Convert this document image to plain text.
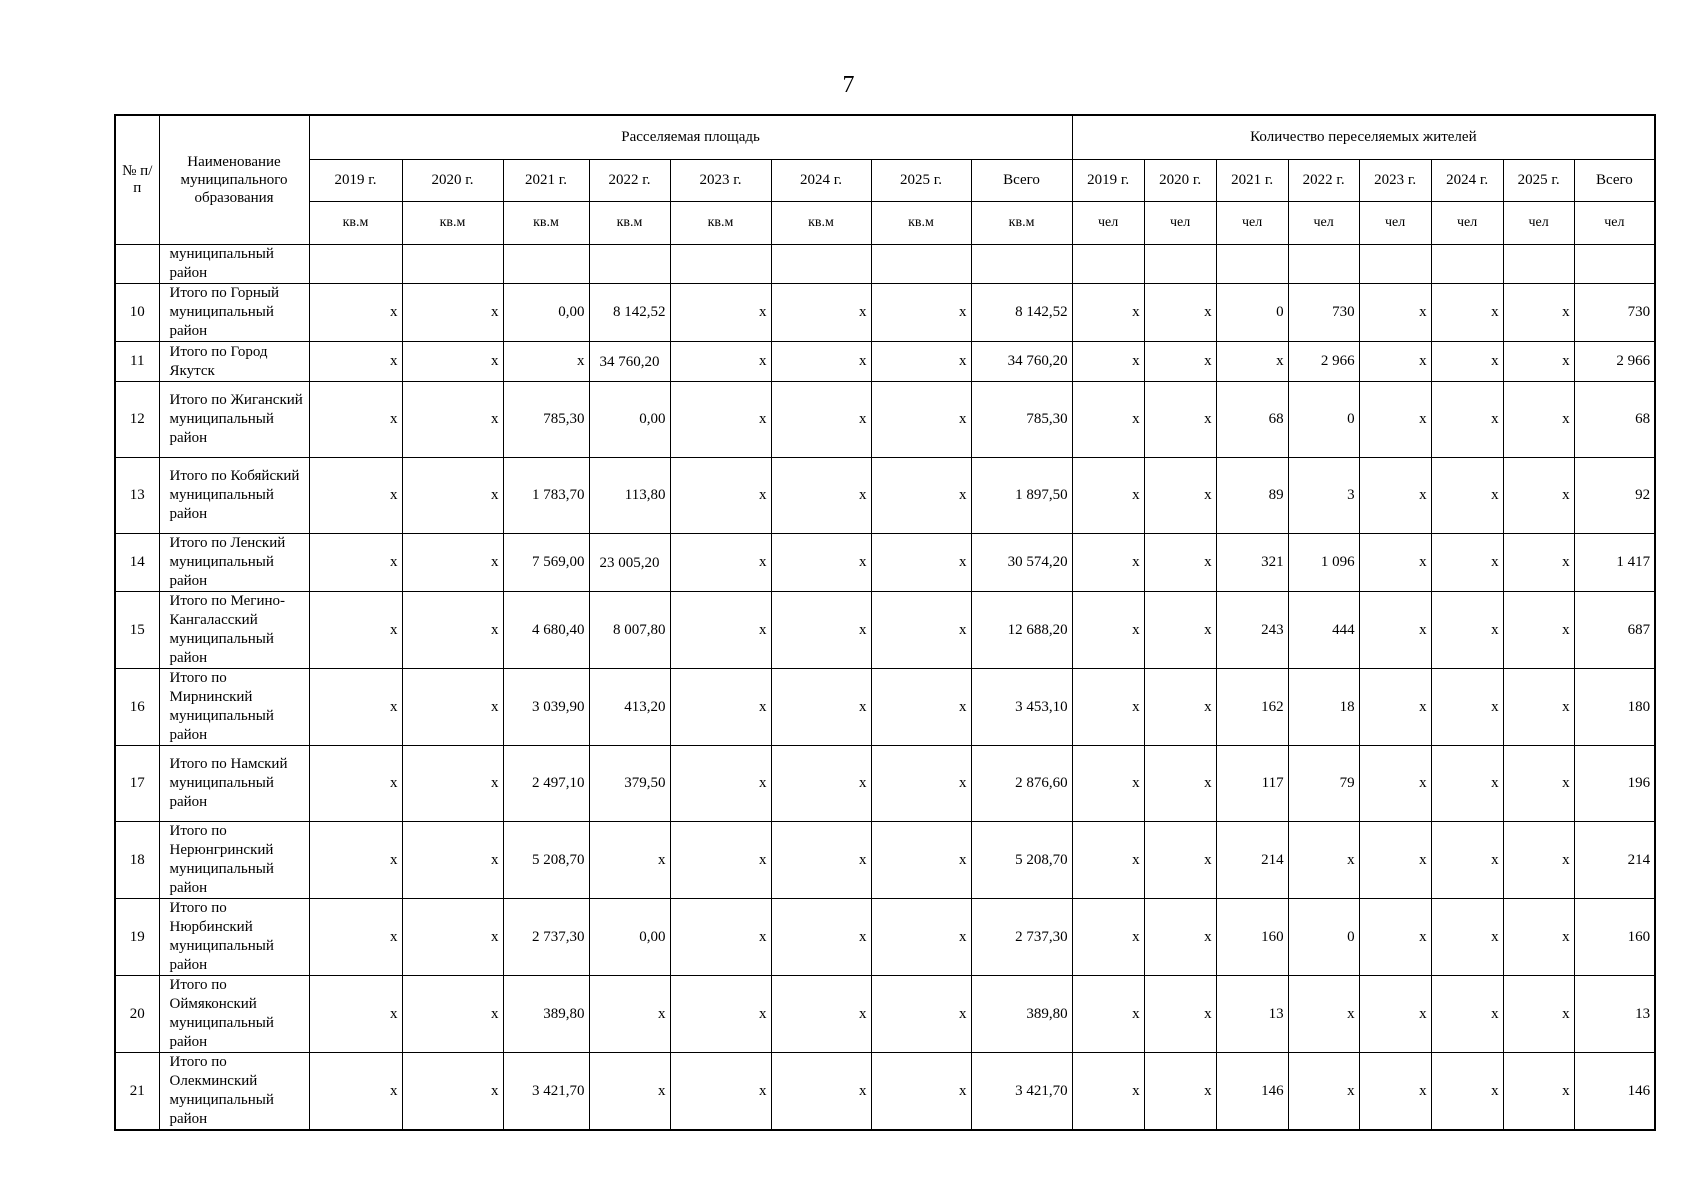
7
№ п/п	Наименование муниципального образования	Расселяемая площадь								Количество переселяемых жителей							
		2019 г.	2020 г.	2021 г.	2022 г.	2023 г.	2024 г.	2025 г.	Всего	2019 г.	2020 г.	2021 г.	2022 г.	2023 г.	2024 г.	2025 г.	Всего
		кв.м	кв.м	кв.м	кв.м	кв.м	кв.м	кв.м	кв.м	чел	чел	чел	чел	чел	чел	чел	чел
	муниципальный район																
10	Итого по Горный муниципальный район	x	x	0,00	8 142,52	x	x	x	8 142,52	x	x	0	730	x	x	x	730
11	Итого по Город Якутск	x	x	x	34 760,20	x	x	x	34 760,20	x	x	x	2 966	x	x	x	2 966
12	Итого по Жиганский муниципальный район	x	x	785,30	0,00	x	x	x	785,30	x	x	68	0	x	x	x	68
13	Итого по Кобяйский муниципальный район	x	x	1 783,70	113,80	x	x	x	1 897,50	x	x	89	3	x	x	x	92
14	Итого по Ленский муниципальный район	x	x	7 569,00	23 005,20	x	x	x	30 574,20	x	x	321	1 096	x	x	x	1 417
15	Итого по Мегино-Кангаласский муниципальный район	x	x	4 680,40	8 007,80	x	x	x	12 688,20	x	x	243	444	x	x	x	687
16	Итого по Мирнинский муниципальный район	x	x	3 039,90	413,20	x	x	x	3 453,10	x	x	162	18	x	x	x	180
17	Итого по Намский муниципальный район	x	x	2 497,10	379,50	x	x	x	2 876,60	x	x	117	79	x	x	x	196
18	Итого по Нерюнгринский муниципальный район	x	x	5 208,70	x	x	x	x	5 208,70	x	x	214	x	x	x	x	214
19	Итого по Нюрбинский муниципальный район	x	x	2 737,30	0,00	x	x	x	2 737,30	x	x	160	0	x	x	x	160
20	Итого по Оймяконский муниципальный район	x	x	389,80	x	x	x	x	389,80	x	x	13	x	x	x	x	13
21	Итого по Олекминский муниципальный район	x	x	3 421,70	x	x	x	x	3 421,70	x	x	146	x	x	x	x	146
